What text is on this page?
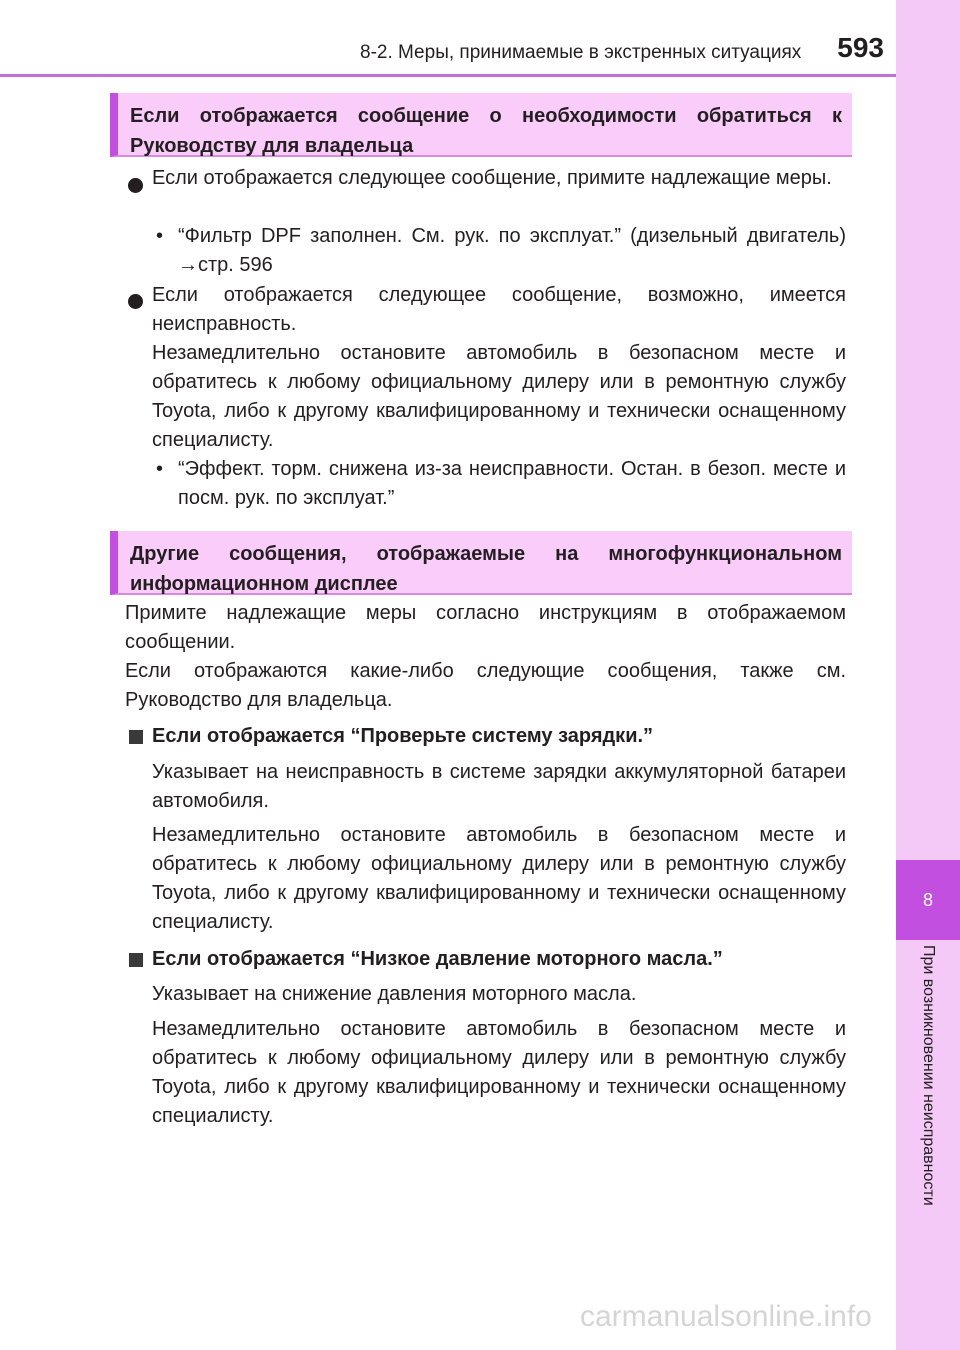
8-2. Меры, принимаемые в экстренных ситуациях 593
8
При возникновении неисправности
Если отображается сообщение о необходимости обратиться к Руководству для владельца
Если отображается следующее сообщение, примите надлежащие меры.
• “Фильтр DPF заполнен. См. рук. по эксплуат.” (дизельный двигатель) →стр. 596
Если отображается следующее сообщение, возможно, имеется неисправность.
Незамедлительно остановите автомобиль в безопасном месте и обратитесь к любому официальному дилеру или в ремонтную службу Toyota, либо к другому квалифицированному и технически оснащенному специалисту.
• “Эффект. торм. снижена из-за неисправности. Остан. в безоп. месте и посм. рук. по эксплуат.”
Другие сообщения, отображаемые на многофункциональном информационном дисплее
Примите надлежащие меры согласно инструкциям в отображаемом сообщении.
Если отображаются какие-либо следующие сообщения, также см. Руководство для владельца.
Если отображается “Проверьте систему зарядки.”
Указывает на неисправность в системе зарядки аккумуляторной батареи автомобиля.
Незамедлительно остановите автомобиль в безопасном месте и обратитесь к любому официальному дилеру или в ремонтную службу Toyota, либо к другому квалифицированному и технически оснащенному специалисту.
Если отображается “Низкое давление моторного масла.”
Указывает на снижение давления моторного масла.
Незамедлительно остановите автомобиль в безопасном месте и обратитесь к любому официальному дилеру или в ремонтную службу Toyota, либо к другому квалифицированному и технически оснащенному специалисту.
carmanualsonline.info
